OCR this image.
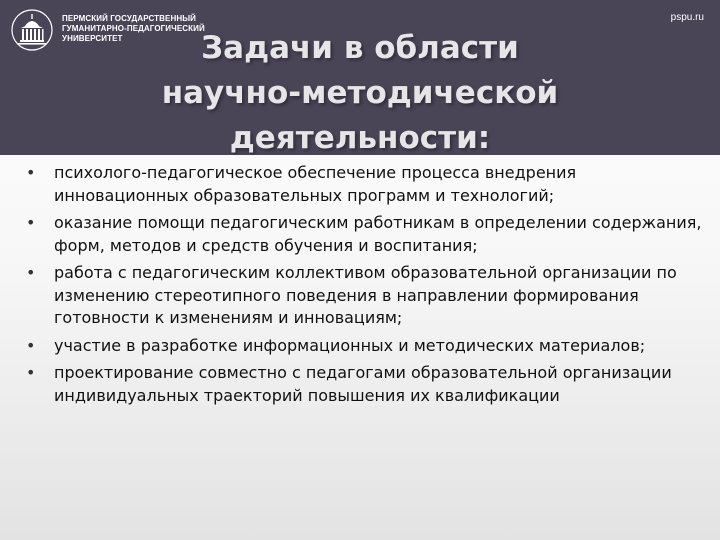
ПЕРМСКИЙ ГОСУДАРСТВЕННЫЙ
ГУМАНИТАРНО-ПЕДАГОГИЧЕСКИЙ
УНИВЕРСИТЕТ
pspu.ru
Задачи в области
научно-методической
деятельности:
• психолого-педагогическое обеспечение процесса внедрения инновационных образовательных программ и технологий;
• оказание помощи педагогическим работникам в определении содержания, форм, методов и средств обучения и воспитания;
• работа с педагогическим коллективом образовательной организации по изменению стереотипного поведения в направлении формирования готовности к изменениям и инновациям;
• участие в разработке информационных и методических материалов;
• проектирование совместно с педагогами образовательной организации индивидуальных траекторий повышения их квалификации
